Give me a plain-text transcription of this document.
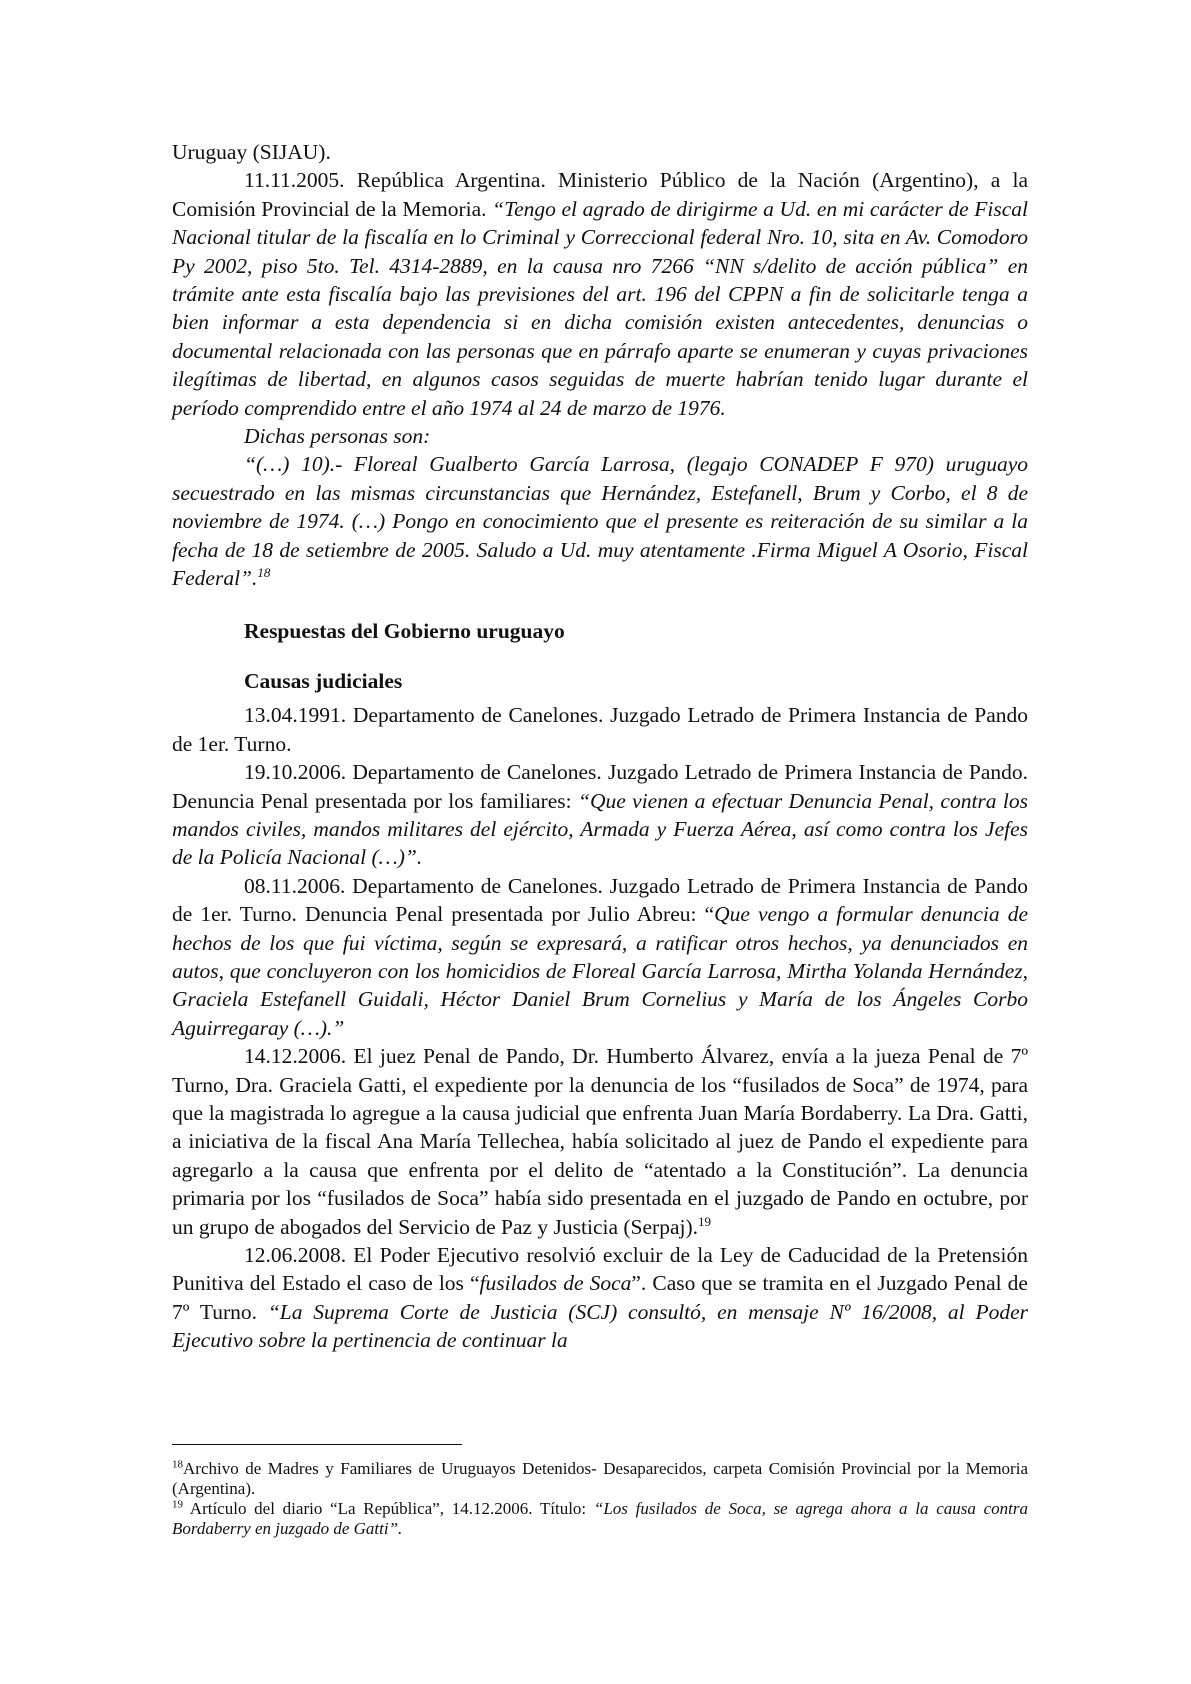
Uruguay (SIJAU).

11.11.2005. República Argentina. Ministerio Público de la Nación (Argentino), a la Comisión Provincial de la Memoria. “Tengo el agrado de dirigirme a Ud. en mi carácter de Fiscal Nacional titular de la fiscalía en lo Criminal y Correccional federal Nro. 10, sita en Av. Comodoro Py 2002, piso 5to. Tel. 4314-2889, en la causa nro 7266 “NN s/delito de acción pública” en trámite ante esta fiscalía bajo las previsiones del art. 196 del CPPN a fin de solicitarle tenga a bien informar a esta dependencia si en dicha comisión existen antecedentes, denuncias o documental relacionada con las personas que en párrafo aparte se enumeran y cuyas privaciones ilegítimas de libertad, en algunos casos seguidas de muerte habrían tenido lugar durante el período comprendido entre el año 1974 al 24 de marzo de 1976.

Dichas personas son:

“(…) 10).- Floreal Gualberto García Larrosa, (legajo CONADEP F 970) uruguayo secuestrado en las mismas circunstancias que Hernández, Estefanell, Brum y Corbo, el 8 de noviembre de 1974. (…) Pongo en conocimiento que el presente es reiteración de su similar a la fecha de 18 de setiembre de 2005. Saludo a Ud. muy atentamente .Firma Miguel A Osorio, Fiscal Federal”.$^{18}$

Respuestas del Gobierno uruguayo

Causas judiciales

13.04.1991. Departamento de Canelones. Juzgado Letrado de Primera Instancia de Pando de 1er. Turno.

19.10.2006. Departamento de Canelones. Juzgado Letrado de Primera Instancia de Pando. Denuncia Penal presentada por los familiares: “Que vienen a efectuar Denuncia Penal, contra los mandos civiles, mandos militares del ejército, Armada y Fuerza Aérea, así como contra los Jefes de la Policía Nacional (…)”.

08.11.2006. Departamento de Canelones. Juzgado Letrado de Primera Instancia de Pando de 1er. Turno. Denuncia Penal presentada por Julio Abreu: “Que vengo a formular denuncia de hechos de los que fui víctima, según se expresará, a ratificar otros hechos, ya denunciados en autos, que concluyeron con los homicidios de Floreal García Larrosa, Mirtha Yolanda Hernández, Graciela Estefanell Guidali, Héctor Daniel Brum Cornelius y María de los Ángeles Corbo Aguirregaray (…).”

14.12.2006. El juez Penal de Pando, Dr. Humberto Álvarez, envía a la jueza Penal de 7º Turno, Dra. Graciela Gatti, el expediente por la denuncia de los “fusilados de Soca” de 1974, para que la magistrada lo agregue a la causa judicial que enfrenta Juan María Bordaberry. La Dra. Gatti, a iniciativa de la fiscal Ana María Tellechea, había solicitado al juez de Pando el expediente para agregarlo a la causa que enfrenta por el delito de “atentado a la Constitución”. La denuncia primaria por los “fusilados de Soca” había sido presentada en el juzgado de Pando en octubre, por un grupo de abogados del Servicio de Paz y Justicia (Serpaj).$^{19}$

12.06.2008. El Poder Ejecutivo resolvió excluir de la Ley de Caducidad de la Pretensión Punitiva del Estado el caso de los “fusilados de Soca”. Caso que se tramita en el Juzgado Penal de 7º Turno. “La Suprema Corte de Justicia (SCJ) consultó, en mensaje Nº 16/2008, al Poder Ejecutivo sobre la pertinencia de continuar la

$^{18}$Archivo de Madres y Familiares de Uruguayos Detenidos- Desaparecidos, carpeta Comisión Provincial por la Memoria (Argentina).

$^{19}$ Artículo del diario “La República”, 14.12.2006. Título: “Los fusilados de Soca, se agrega ahora a la causa contra Bordaberry en juzgado de Gatti”.
